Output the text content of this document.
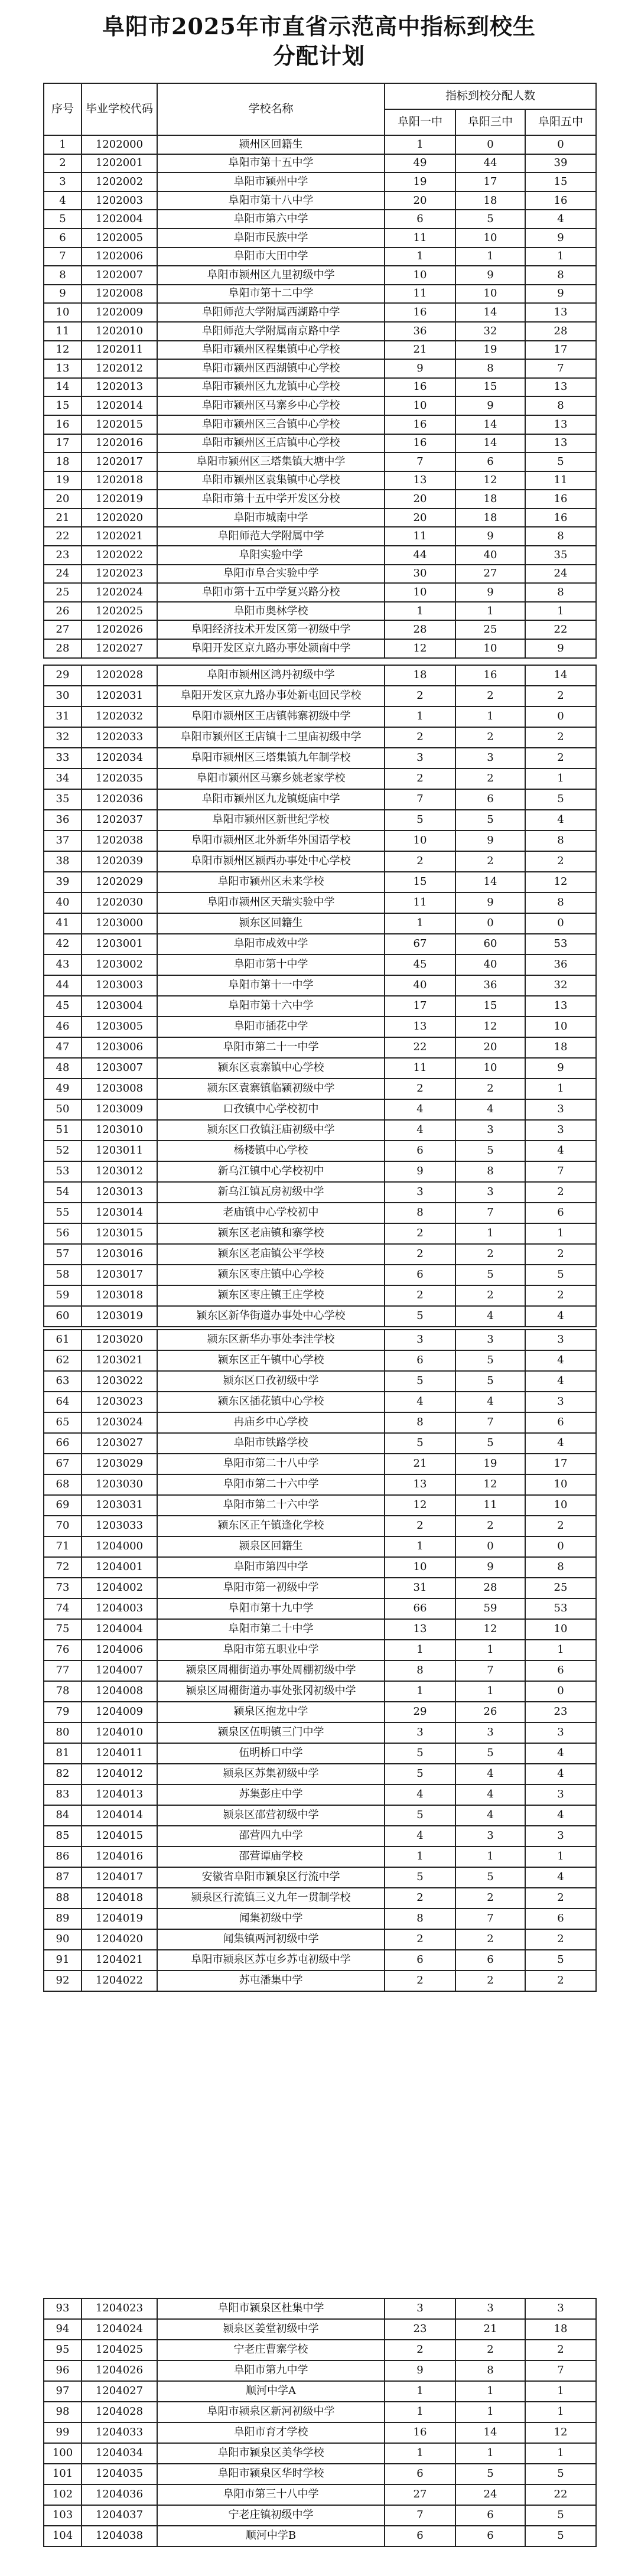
阜阳市2025年市直省示范高中指标到校生
分配计划
序号	毕业学校代码	学校名称	指标到校分配人数		
			阜阳一中	阜阳三中	阜阳五中
1	1202000	颍州区回籍生	1	0	0
2	1202001	阜阳市第十五中学	49	44	39
3	1202002	阜阳市颍州中学	19	17	15
4	1202003	阜阳市第十八中学	20	18	16
5	1202004	阜阳市第六中学	6	5	4
6	1202005	阜阳市民族中学	11	10	9
7	1202006	阜阳市大田中学	1	1	1
8	1202007	阜阳市颍州区九里初级中学	10	9	8
9	1202008	阜阳市第十二中学	11	10	9
10	1202009	阜阳师范大学附属西湖路中学	16	14	13
11	1202010	阜阳师范大学附属南京路中学	36	32	28
12	1202011	阜阳市颍州区程集镇中心学校	21	19	17
13	1202012	阜阳市颍州区西湖镇中心学校	9	8	7
14	1202013	阜阳市颍州区九龙镇中心学校	16	15	13
15	1202014	阜阳市颍州区马寨乡中心学校	10	9	8
16	1202015	阜阳市颍州区三合镇中心学校	16	14	13
17	1202016	阜阳市颍州区王店镇中心学校	16	14	13
18	1202017	阜阳市颍州区三塔集镇大塘中学	7	6	5
19	1202018	阜阳市颍州区袁集镇中心学校	13	12	11
20	1202019	阜阳市第十五中学开发区分校	20	18	16
21	1202020	阜阳市城南中学	20	18	16
22	1202021	阜阳师范大学附属中学	11	9	8
23	1202022	阜阳实验中学	44	40	35
24	1202023	阜阳市阜合实验中学	30	27	24
25	1202024	阜阳市第十五中学复兴路分校	10	9	8
26	1202025	阜阳市奥林学校	1	1	1
27	1202026	阜阳经济技术开发区第一初级中学	28	25	22
28	1202027	阜阳开发区京九路办事处颍南中学	12	10	9
29	1202028	阜阳市颍州区鸿丹初级中学	18	16	14
30	1202031	阜阳开发区京九路办事处新屯回民学校	2	2	2
31	1202032	阜阳市颍州区王店镇韩寨初级中学	1	1	0
32	1202033	阜阳市颍州区王店镇十二里庙初级中学	2	2	2
33	1202034	阜阳市颍州区三塔集镇九年制学校	3	3	2
34	1202035	阜阳市颍州区马寨乡姚老家学校	2	2	1
35	1202036	阜阳市颍州区九龙镇蜓庙中学	7	6	5
36	1202037	阜阳市颍州区新世纪学校	5	5	4
37	1202038	阜阳市颍州区北外新华外国语学校	10	9	8
38	1202039	阜阳市颍州区颍西办事处中心学校	2	2	2
39	1202029	阜阳市颍州区未来学校	15	14	12
40	1202030	阜阳市颍州区天瑞实验中学	11	9	8
41	1203000	颍东区回籍生	1	0	0
42	1203001	阜阳市成效中学	67	60	53
43	1203002	阜阳市第十中学	45	40	36
44	1203003	阜阳市第十一中学	40	36	32
45	1203004	阜阳市第十六中学	17	15	13
46	1203005	阜阳市插花中学	13	12	10
47	1203006	阜阳市第二十一中学	22	20	18
48	1203007	颍东区袁寨镇中心学校	11	10	9
49	1203008	颍东区袁寨镇临颍初级中学	2	2	1
50	1203009	口孜镇中心学校初中	4	4	3
51	1203010	颍东区口孜镇汪庙初级中学	4	3	3
52	1203011	杨楼镇中心学校	6	5	4
53	1203012	新乌江镇中心学校初中	9	8	7
54	1203013	新乌江镇瓦房初级中学	3	3	2
55	1203014	老庙镇中心学校初中	8	7	6
56	1203015	颍东区老庙镇和寨学校	2	1	1
57	1203016	颍东区老庙镇公平学校	2	2	2
58	1203017	颍东区枣庄镇中心学校	6	5	5
59	1203018	颍东区枣庄镇王庄学校	2	2	2
60	1203019	颍东区新华街道办事处中心学校	5	4	4
61	1203020	颍东区新华办事处李洼学校	3	3	3
62	1203021	颍东区正午镇中心学校	6	5	4
63	1203022	颍东区口孜初级中学	5	5	4
64	1203023	颍东区插花镇中心学校	4	4	3
65	1203024	冉庙乡中心学校	8	7	6
66	1203027	阜阳市铁路学校	5	5	4
67	1203029	阜阳市第二十八中学	21	19	17
68	1203030	阜阳市第二十六中学	13	12	10
69	1203031	阜阳市第二十六中学	12	11	10
70	1203033	颍东区正午镇逢化学校	2	2	2
71	1204000	颍泉区回籍生	1	0	0
72	1204001	阜阳市第四中学	10	9	8
73	1204002	阜阳市第一初级中学	31	28	25
74	1204003	阜阳市第十九中学	66	59	53
75	1204004	阜阳市第二十中学	13	12	10
76	1204006	阜阳市第五职业中学	1	1	1
77	1204007	颍泉区周棚街道办事处周棚初级中学	8	7	6
78	1204008	颍泉区周棚街道办事处张冈初级中学	1	1	0
79	1204009	颍泉区抱龙中学	29	26	23
80	1204010	颍泉区伍明镇三门中学	3	3	3
81	1204011	伍明桥口中学	5	5	4
82	1204012	颍泉区苏集初级中学	5	4	4
83	1204013	苏集彭庄中学	4	4	3
84	1204014	颍泉区邵营初级中学	5	4	4
85	1204015	邵营四九中学	4	3	3
86	1204016	邵营谭庙学校	1	1	1
87	1204017	安徽省阜阳市颍泉区行流中学	5	5	4
88	1204018	颍泉区行流镇三义九年一贯制学校	2	2	2
89	1204019	闻集初级中学	8	7	6
90	1204020	闻集镇两河初级中学	2	2	2
91	1204021	阜阳市颍泉区苏屯乡苏屯初级中学	6	6	5
92	1204022	苏屯潘集中学	2	2	2
93	1204023	阜阳市颍泉区杜集中学	3	3	3
94	1204024	颍泉区姜堂初级中学	23	21	18
95	1204025	宁老庄曹寨学校	2	2	2
96	1204026	阜阳市第九中学	9	8	7
97	1204027	顺河中学A	1	1	1
98	1204028	阜阳市颍泉区新河初级中学	1	1	1
99	1204033	阜阳市育才学校	16	14	12
100	1204034	阜阳市颍泉区美华学校	1	1	1
101	1204035	阜阳市颍泉区华时学校	6	5	5
102	1204036	阜阳市第三十八中学	27	24	22
103	1204037	宁老庄镇初级中学	7	6	5
104	1204038	顺河中学B	6	6	5
